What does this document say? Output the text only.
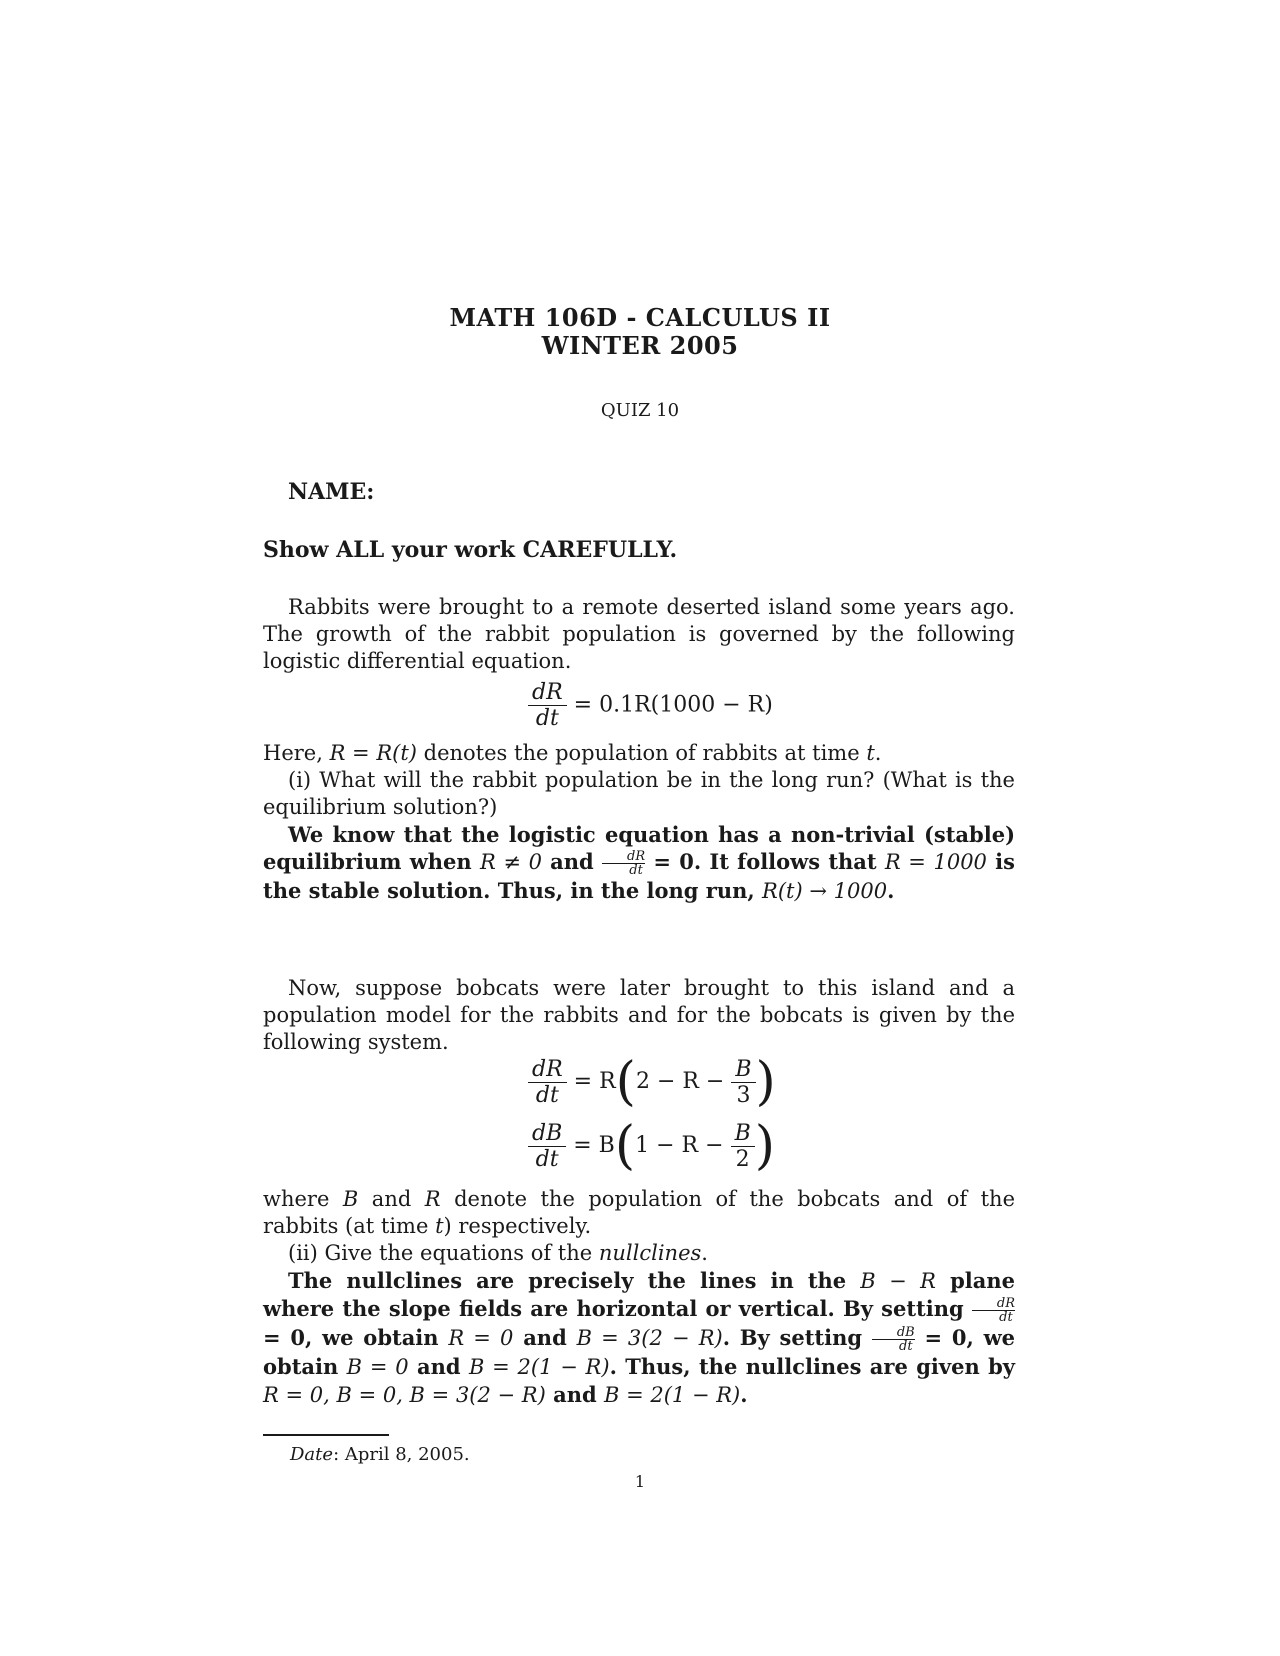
MATH 106D - CALCULUS II
WINTER 2005
QUIZ 10
NAME:
Show ALL your work CAREFULLY.
Rabbits were brought to a remote deserted island some years ago. The growth of the rabbit population is governed by the following logistic differential equation.
$\frac{dR}{dt} = 0.1R(1000 - R)$
Here, R = R(t) denotes the population of rabbits at time t.
(i) What will the rabbit population be in the long run? (What is the equilibrium solution?)
We know that the logistic equation has a non-trivial (stable) equilibrium when R ≠ 0 and $\frac{dR}{dt} = 0$. It follows that R = 1000 is the stable solution. Thus, in the long run, R(t) → 1000.
Now, suppose bobcats were later brought to this island and a population model for the rabbits and for the bobcats is given by the following system.
$\frac{dR}{dt} = R(2 - R - \frac{B}{3}$ )
$\frac{dB}{dt} = B(1 - R - \frac{B}{2}$ )
where B and R denote the population of the bobcats and of the rabbits (at time t) respectively.
(ii) Give the equations of the nullclines.
The nullclines are precisely the lines in the B − R plane where the slope fields are horizontal or vertical. By setting $\frac{dR}{dt}$
= 0, we obtain R = 0 and B = 3(2 − R). By setting $\frac{dB}{dt} = 0$, we obtain B = 0 and B = 2(1 − R). Thus, the nullclines are given by R = 0, B = 0, B = 3(2 − R) and B = 2(1 − R).
Date: April 8, 2005.
1
